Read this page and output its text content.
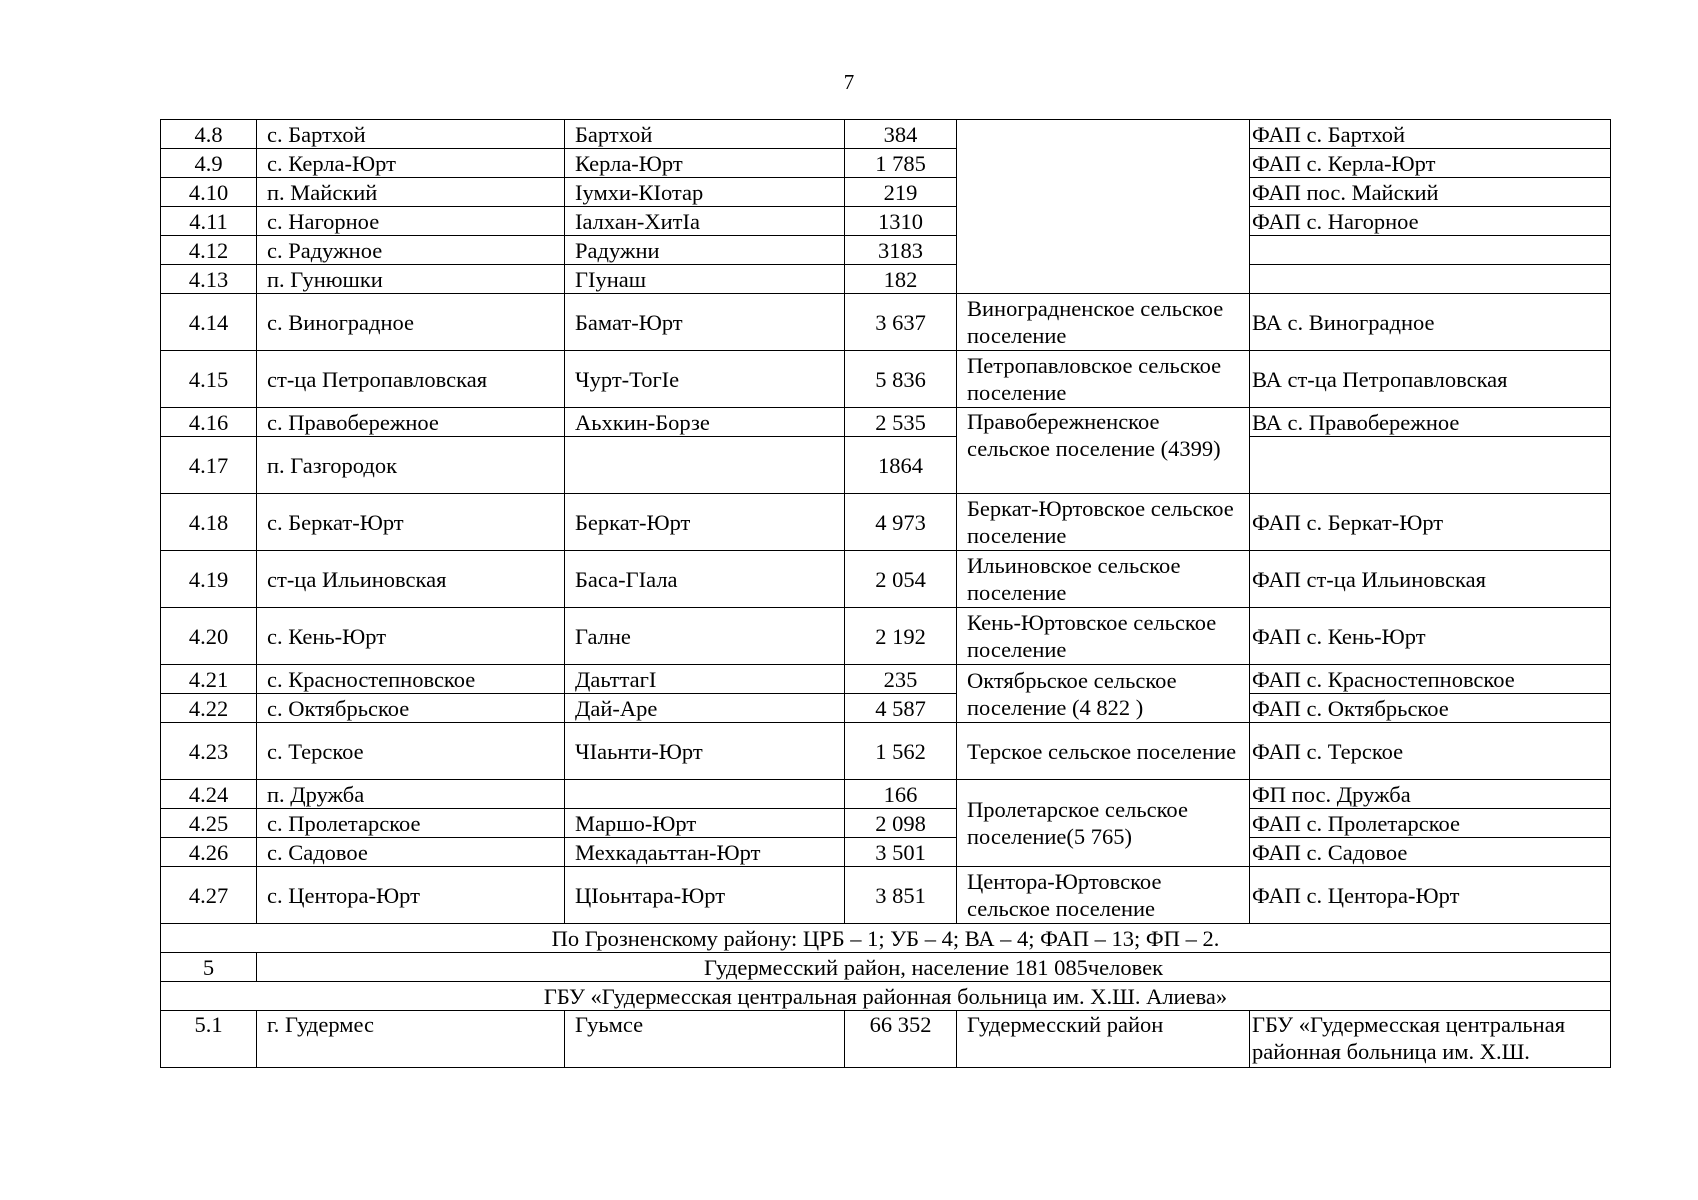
7
4.8	с. Бартхой	Бартхой	384		ФАП с. Бартхой
4.9	с. Керла-Юрт	Керла-Юрт	1 785		ФАП с. Керла-Юрт
4.10	п. Майский	Iумхи-КIотар	219		ФАП пос. Майский
4.11	с. Нагорное	Iалхан-ХитIа	1310		ФАП с. Нагорное
4.12	с. Радужное	Радужни	3183		
4.13	п. Гунюшки	ГIунаш	182		
4.14	с. Виноградное	Бамат-Юрт	3 637	Виноградненское сельское поселение	ВА с. Виноградное
4.15	ст-ца Петропавловская	Чурт-ТогIе	5 836	Петропавловское сельское поселение	ВА ст-ца Петропавловская
4.16	с. Правобережное	Аьхкин-Борзе	2 535	Правобережненское сельское поселение (4399)	ВА с. Правобережное
4.17	п. Газгородок		1864		
4.18	с. Беркат-Юрт	Беркат-Юрт	4 973	Беркат-Юртовское сельское поселение	ФАП с. Беркат-Юрт
4.19	ст-ца Ильиновская	Баса-ГIала	2 054	Ильиновское сельское поселение	ФАП ст-ца Ильиновская
4.20	с. Кень-Юрт	Галне	2 192	Кень-Юртовское сельское поселение	ФАП с. Кень-Юрт
4.21	с. Красностепновское	ДаьттагI	235	Октябрьское сельское поселение (4 822 )	ФАП с. Красностепновское
4.22	с. Октябрьское	Дай-Аре	4 587		ФАП с. Октябрьское
4.23	с. Терское	ЧIаьнти-Юрт	1 562	Терское сельское поселение	ФАП с. Терское
4.24	п. Дружба		166	Пролетарское сельское поселение(5 765)	ФП пос. Дружба
4.25	с. Пролетарское	Маршо-Юрт	2 098		ФАП с. Пролетарское
4.26	с. Садовое	Мехкадаьттан-Юрт	3 501		ФАП с. Садовое
4.27	с. Центора-Юрт	ЦIоьнтара-Юрт	3 851	Центора-Юртовское сельское поселение	ФАП с. Центора-Юрт
По Грозненскому району: ЦРБ – 1; УБ – 4; ВА – 4; ФАП – 13; ФП – 2.					
5	Гудермесский район, население 181 085человек				
ГБУ «Гудермесская центральная районная больница им. Х.Ш. Алиева»					
5.1	г. Гудермес	Гуьмсе	66 352	Гудермесский район	ГБУ «Гудермесская центральная районная больница им. Х.Ш.
